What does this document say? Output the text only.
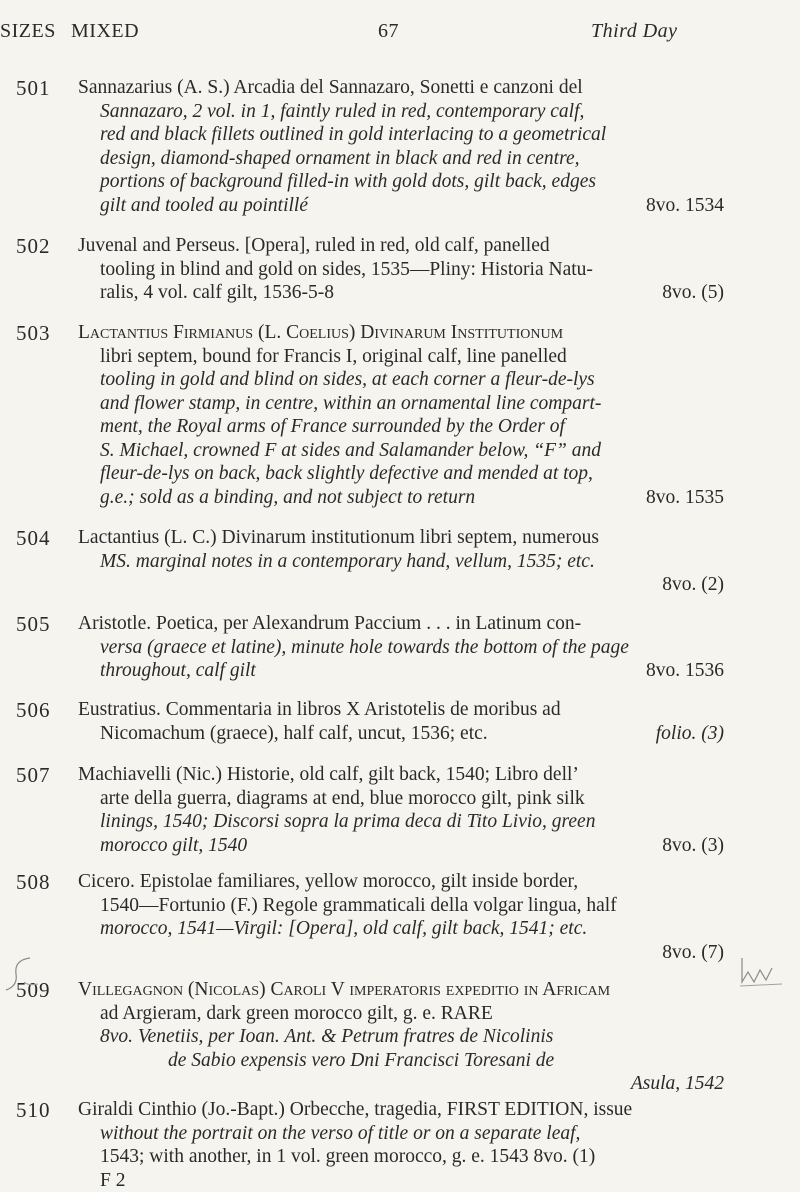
SIZES MIXED	67	Third Day
501 Sannazarius (A. S.) Arcadia del Sannazaro, Sonetti e canzoni del

Sannazaro, 2 vol. in 1, faintly ruled in red, contemporary calf,

red and black fillets outlined in gold interlacing to a geometrical

design, diamond-shaped ornament in black and red in centre,

portions of background filled-in with gold dots, gilt back, edges

gilt and tooled au pointillé	8vo. 1534

502 Juvenal and Perseus. [Opera], ruled in red, old calf, panelled

tooling in blind and gold on sides, 1535—Pliny: Historia Natu-

ralis, 4 vol. calf gilt, 1536-5-8	8vo. (5)

503 Lactantius Firmianus (L. Coelius) Divinarum Institutionum

libri septem, bound for Francis I, original calf, line panelled

tooling in gold and blind on sides, at each corner a fleur-de-lys

and flower stamp, in centre, within an ornamental line compart-

ment, the Royal arms of France surrounded by the Order of

S. Michael, crowned F at sides and Salamander below, “F” and

fleur-de-lys on back, back slightly defective and mended at top,

g.e.; sold as a binding, and not subject to return	8vo. 1535

504 Lactantius (L. C.) Divinarum institutionum libri septem, numerous

MS. marginal notes in a contemporary hand, vellum, 1535; etc.

8vo. (2)

505 Aristotle. Poetica, per Alexandrum Paccium . . . in Latinum con-

versa (graece et latine), minute hole towards the bottom of the page

throughout, calf gilt	8vo. 1536

506 Eustratius. Commentaria in libros X Aristotelis de moribus ad

Nicomachum (graece), half calf, uncut, 1536; etc.	folio. (3)

507 Machiavelli (Nic.) Historie, old calf, gilt back, 1540; Libro dell’

arte della guerra, diagrams at end, blue morocco gilt, pink silk

linings, 1540; Discorsi sopra la prima deca di Tito Livio, green

morocco gilt, 1540	8vo. (3)

508 Cicero. Epistolae familiares, yellow morocco, gilt inside border,

1540—Fortunio (F.) Regole grammaticali della volgar lingua, half

morocco, 1541—Virgil: [Opera], old calf, gilt back, 1541; etc.

8vo. (7)

509 Villegagnon (Nicolas) Caroli V imperatoris expeditio in Africam

ad Argieram, dark green morocco gilt, g. e. RARE

8vo. Venetiis, per Ioan. Ant. & Petrum fratres de Nicolinis

de Sabio expensis vero Dni Francisci Toresani de

Asula, 1542

510 Giraldi Cinthio (Jo.-Bapt.) Orbecche, tragedia, FIRST EDITION, issue

without the portrait on the verso of title or on a separate leaf,

1543; with another, in 1 vol. green morocco, g. e. 1543 8vo. (1)

F 2
